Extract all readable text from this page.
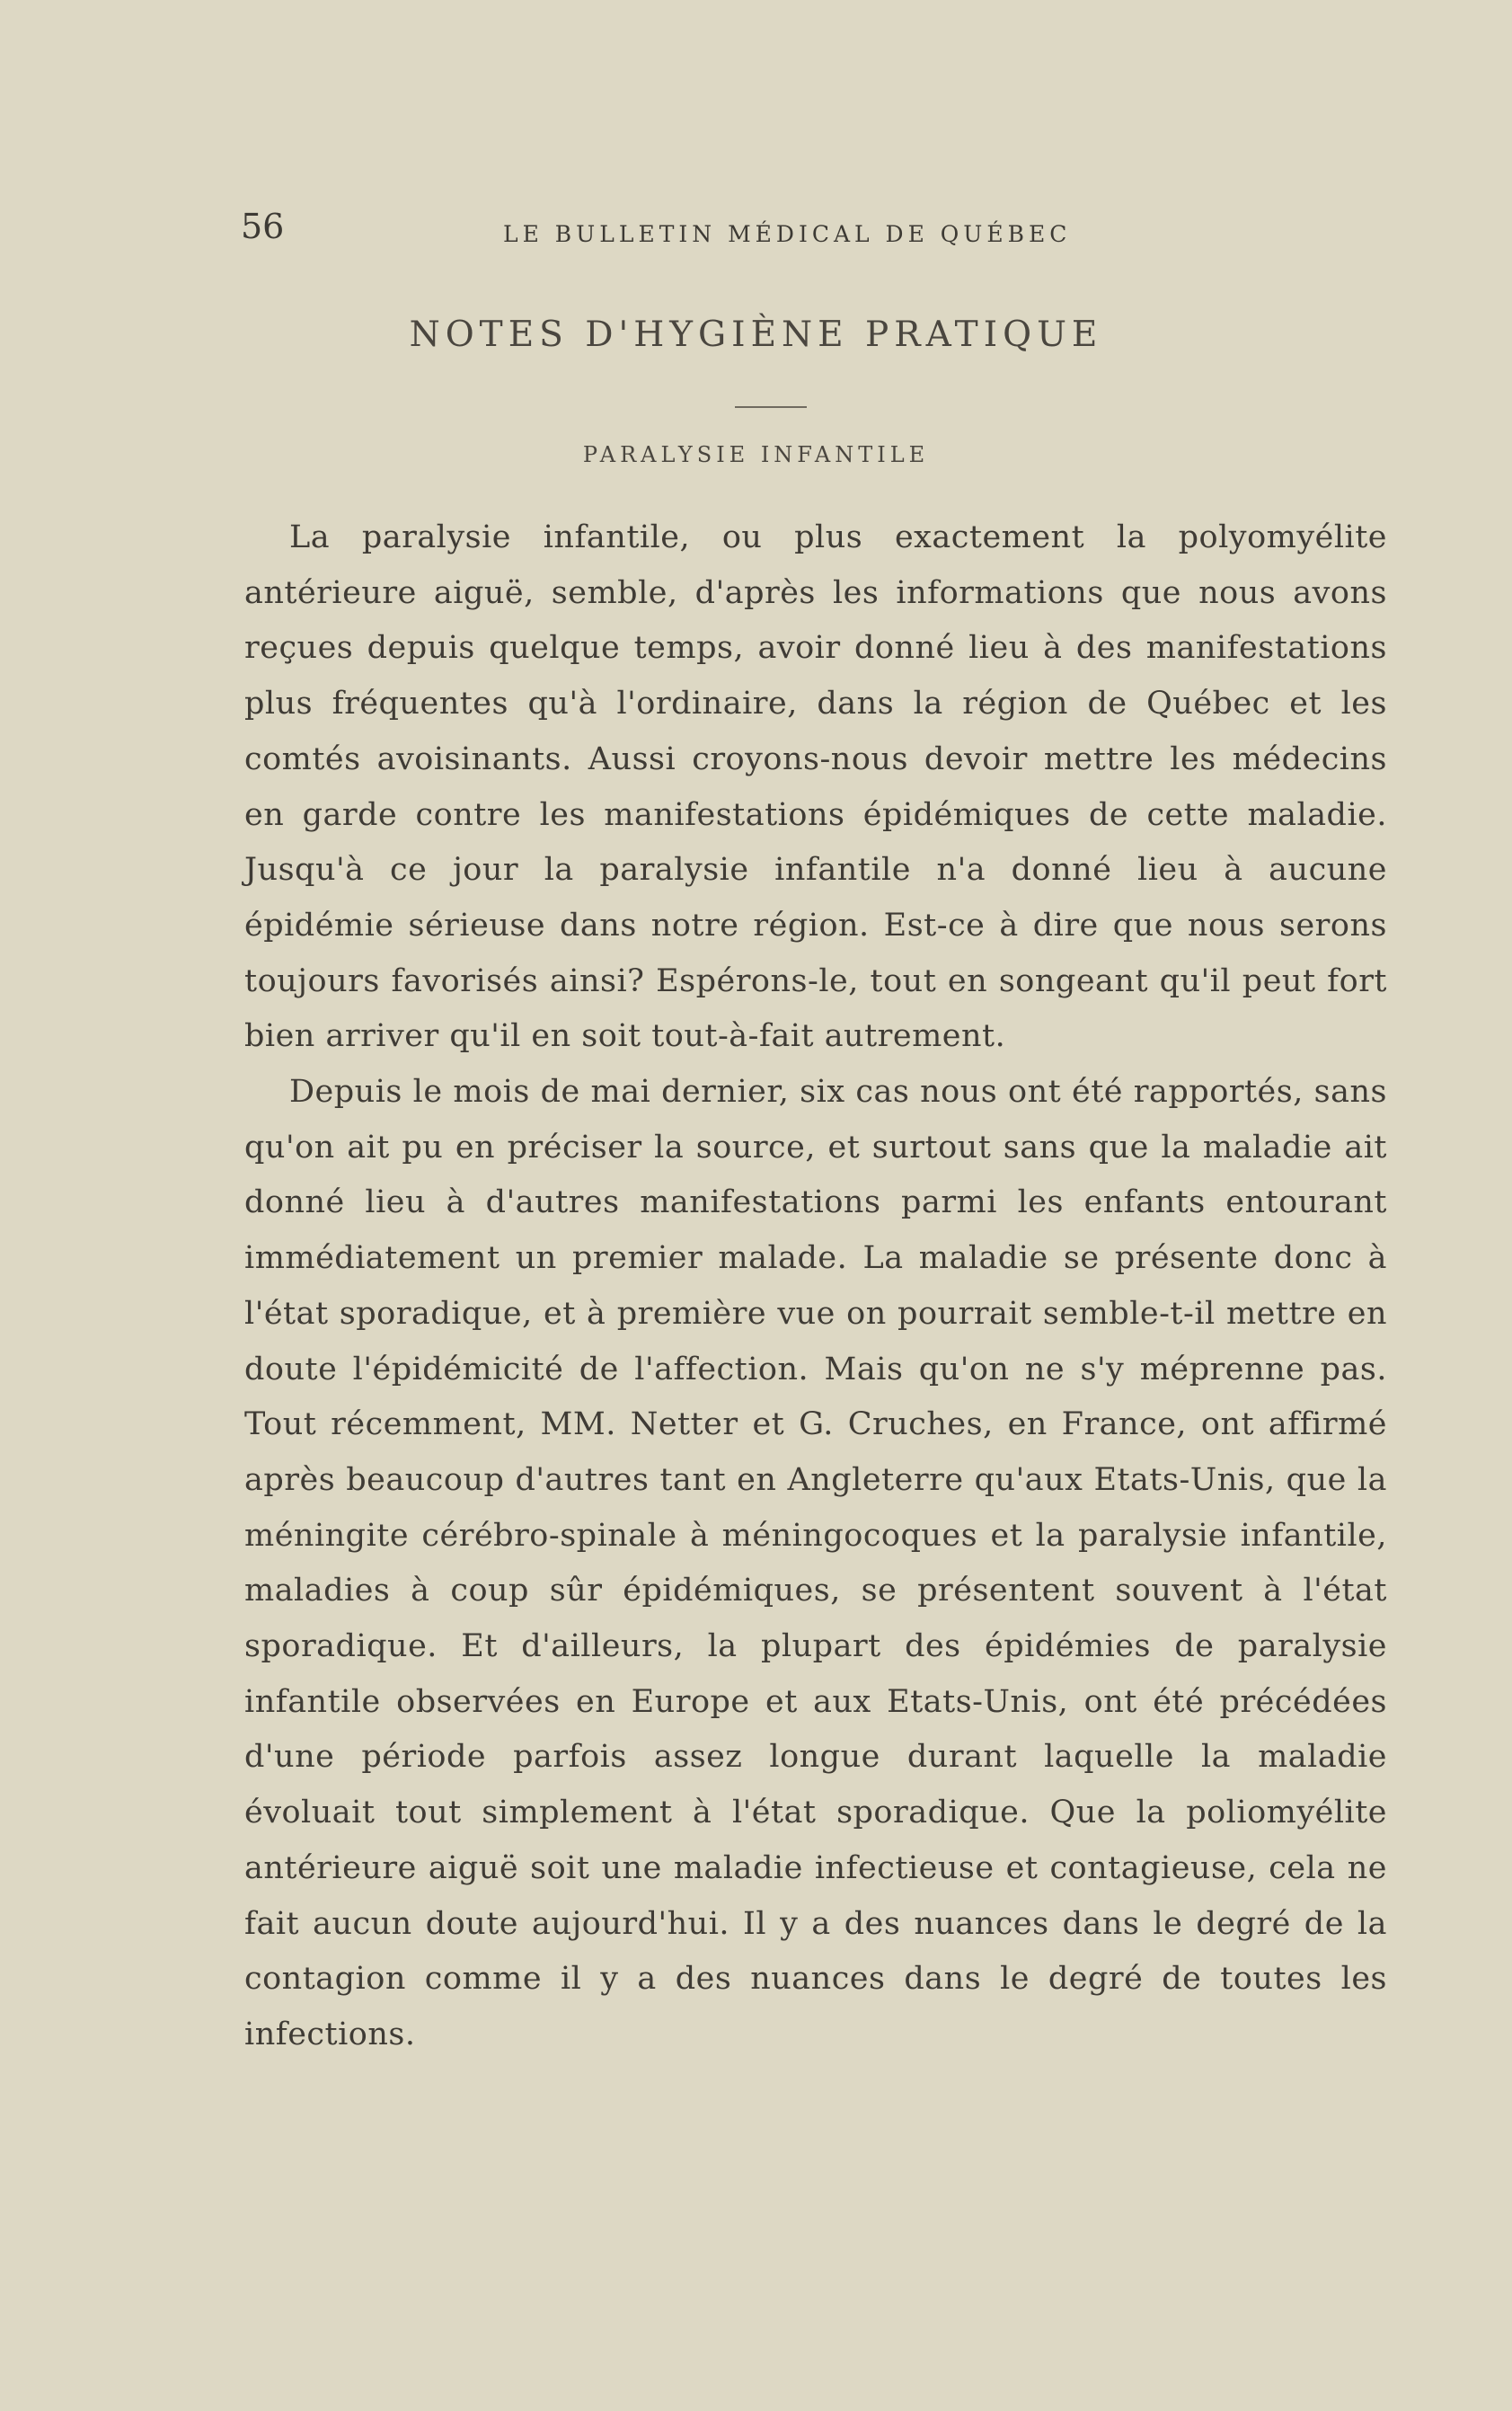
56	LE BULLETIN MÉDICAL DE QUÉBEC
NOTES D'HYGIÈNE PRATIQUE
PARALYSIE INFANTILE

La paralysie infantile, ou plus exactement la polyomyélite antérieure aiguë, semble, d'après les informations que nous avons reçues depuis quelque temps, avoir donné lieu à des manifestations plus fréquentes qu'à l'ordinaire, dans la région de Québec et les comtés avoisinants. Aussi croyons-nous devoir mettre les médecins en garde contre les manifestations épidémiques de cette maladie. Jusqu'à ce jour la paralysie infantile n'a donné lieu à aucune épidémie sérieuse dans notre région. Est-ce à dire que nous serons toujours favorisés ainsi? Espérons-le, tout en songeant qu'il peut fort bien arriver qu'il en soit tout-à-fait autrement.

Depuis le mois de mai dernier, six cas nous ont été rapportés, sans qu'on ait pu en préciser la source, et surtout sans que la maladie ait donné lieu à d'autres manifestations parmi les enfants entourant immédiatement un premier malade. La maladie se présente donc à l'état sporadique, et à première vue on pourrait semble-t-il mettre en doute l'épidémicité de l'affection. Mais qu'on ne s'y méprenne pas. Tout récemment, MM. Netter et G. Cruches, en France, ont affirmé après beaucoup d'autres tant en Angleterre qu'aux Etats-Unis, que la méningite cérébro-spinale à méningocoques et la paralysie infantile, maladies à coup sûr épidémiques, se présentent souvent à l'état sporadique. Et d'ailleurs, la plupart des épidémies de paralysie infantile observées en Europe et aux Etats-Unis, ont été précédées d'une période parfois assez longue durant laquelle la maladie évoluait tout simplement à l'état sporadique. Que la poliomyélite antérieure aiguë soit une maladie infectieuse et contagieuse, cela ne fait aucun doute aujourd'hui. Il y a des nuances dans le degré de la contagion comme il y a des nuances dans le degré de toutes les infections.
